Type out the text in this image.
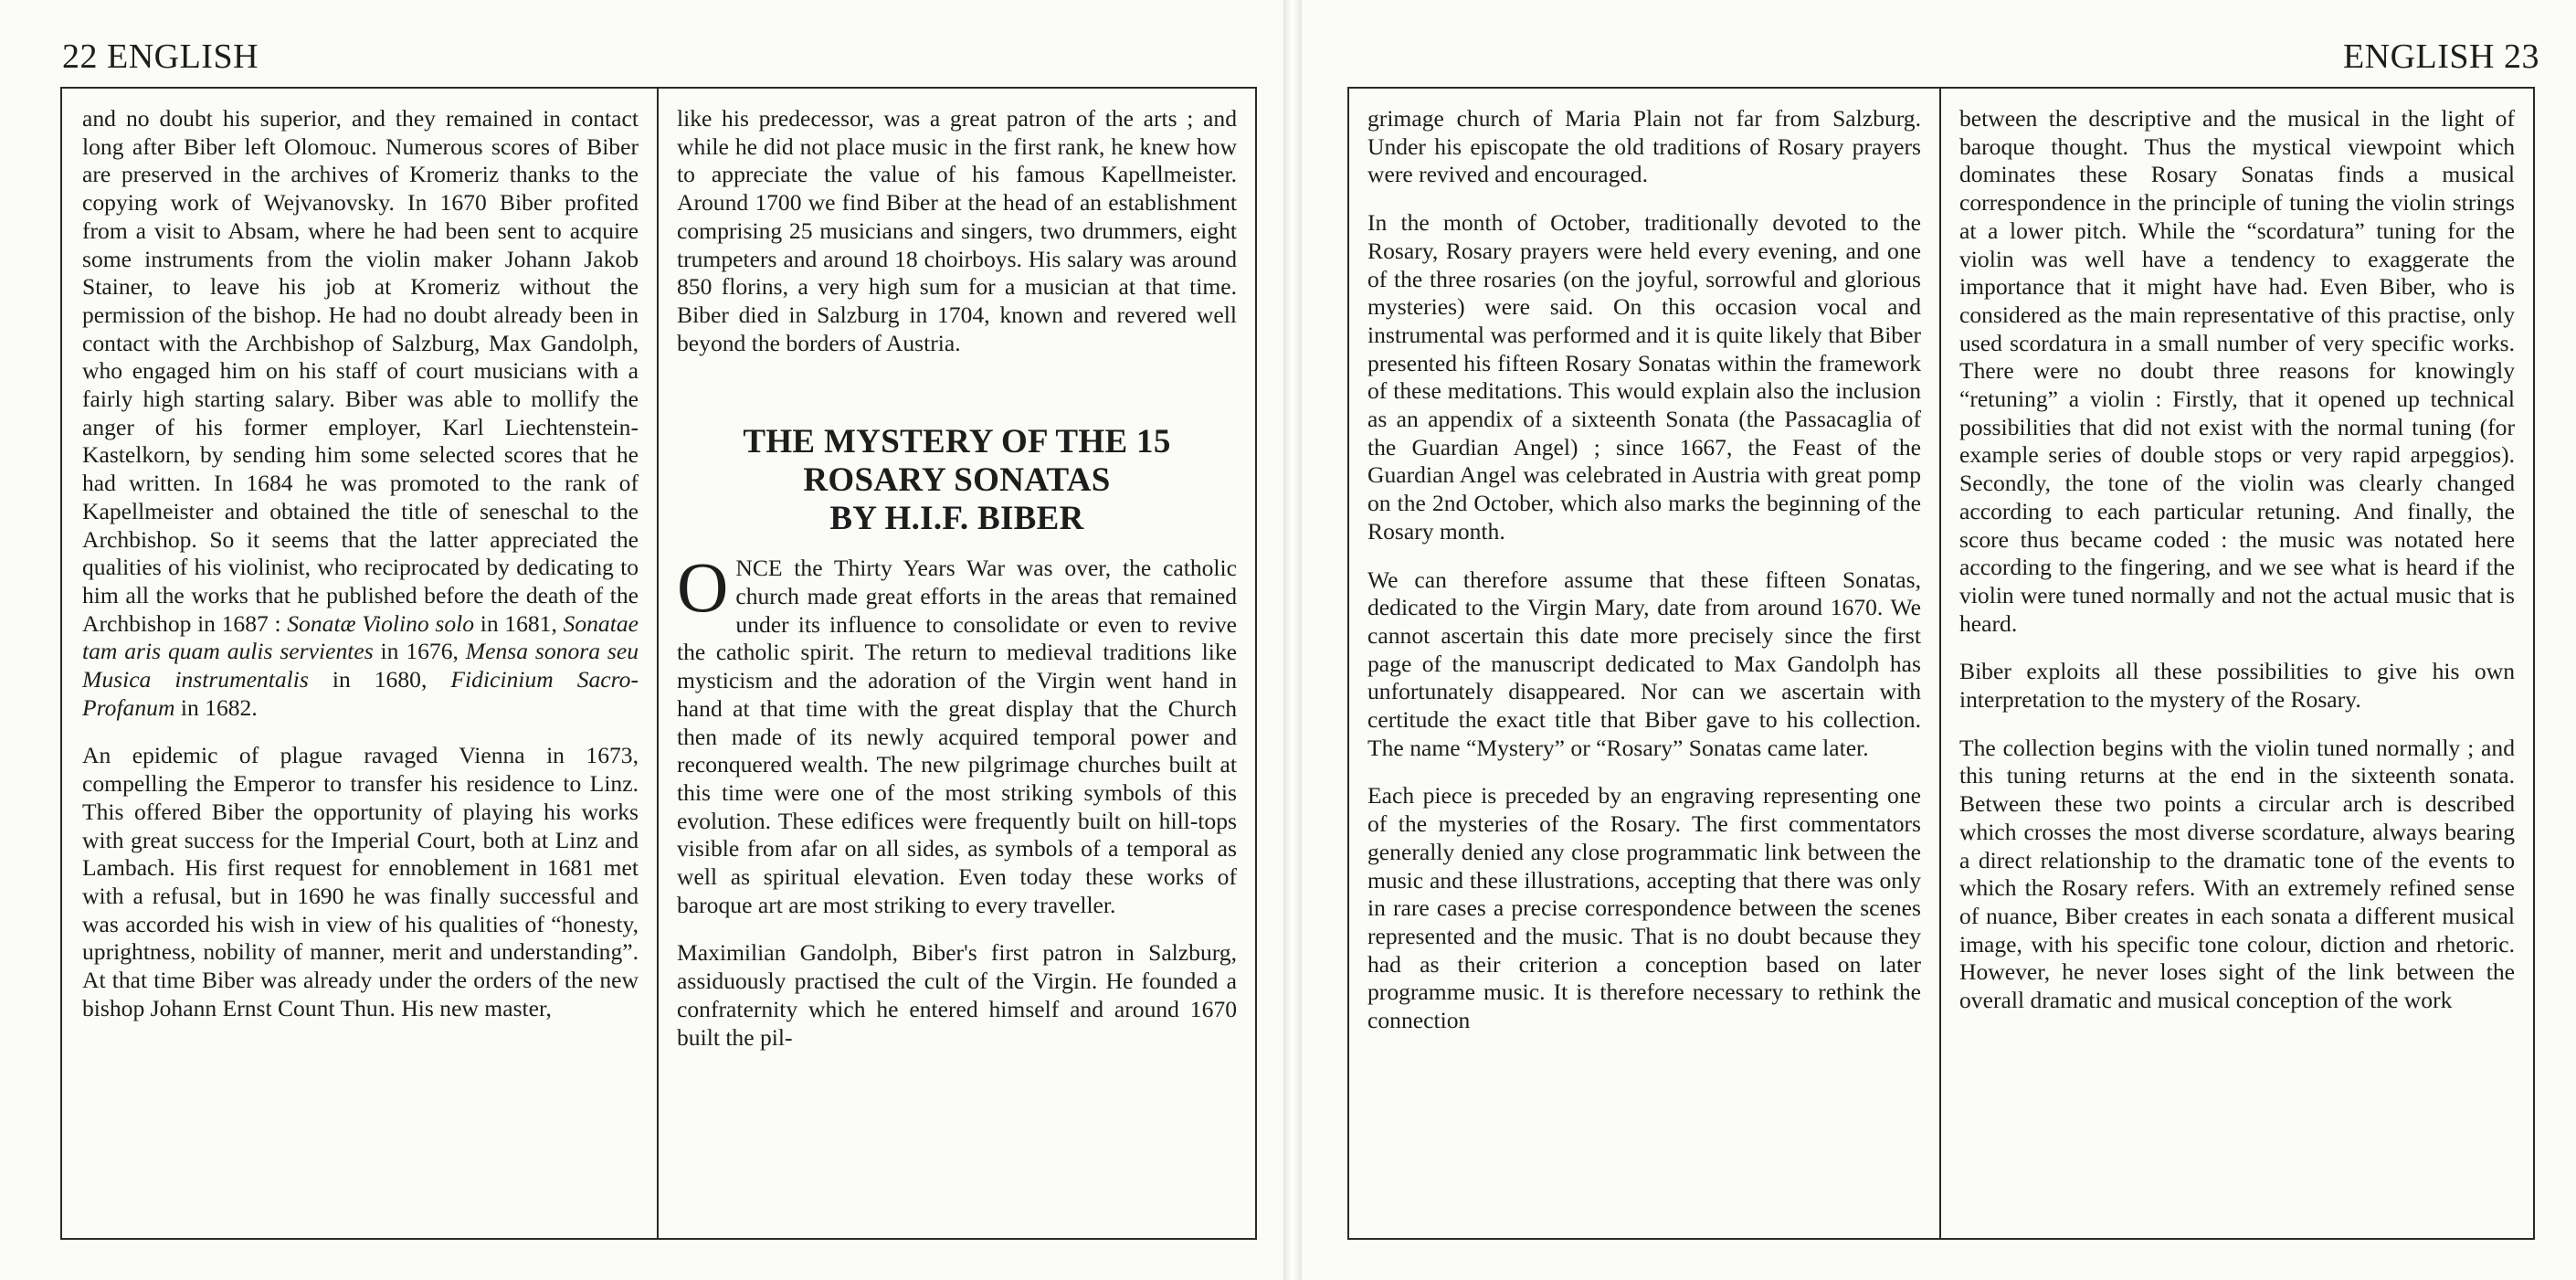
22 ENGLISH

and no doubt his superior, and they remained in contact long after Biber left Olomouc. Numerous scores of Biber are preserved in the archives of Kromeriz thanks to the copying work of Wejvanovsky. In 1670 Biber profited from a visit to Absam, where he had been sent to acquire some instruments from the violin maker Johann Jakob Stainer, to leave his job at Kromeriz without the permission of the bishop. He had no doubt already been in contact with the Archbishop of Salzburg, Max Gandolph, who engaged him on his staff of court musicians with a fairly high starting salary. Biber was able to mollify the anger of his former employer, Karl Liechtenstein-Kastelkorn, by sending him some selected scores that he had written. In 1684 he was promoted to the rank of Kapellmeister and obtained the title of seneschal to the Archbishop. So it seems that the latter appreciated the qualities of his violinist, who reciprocated by dedicating to him all the works that he published before the death of the Archbishop in 1687 : Sonatæ Violino solo in 1681, Sonatae tam aris quam aulis servientes in 1676, Mensa sonora seu Musica instrumentalis in 1680, Fidicinium Sacro-Profanum in 1682.

An epidemic of plague ravaged Vienna in 1673, compelling the Emperor to transfer his residence to Linz. This offered Biber the opportunity of playing his works with great success for the Imperial Court, both at Linz and Lambach. His first request for ennoblement in 1681 met with a refusal, but in 1690 he was finally successful and was accorded his wish in view of his qualities of “honesty, uprightness, nobility of manner, merit and understanding”. At that time Biber was already under the orders of the new bishop Johann Ernst Count Thun. His new master,

like his predecessor, was a great patron of the arts ; and while he did not place music in the first rank, he knew how to appreciate the value of his famous Kapellmeister. Around 1700 we find Biber at the head of an establishment comprising 25 musicians and singers, two drummers, eight trumpeters and around 18 choirboys. His salary was around 850 florins, a very high sum for a musician at that time. Biber died in Salzburg in 1704, known and revered well beyond the borders of Austria.

THE MYSTERY OF THE 15
ROSARY SONATAS
BY H.I.F. BIBER

ONCE the Thirty Years War was over, the catholic church made great efforts in the areas that remained under its influence to consolidate or even to revive the catholic spirit. The return to medieval traditions like mysticism and the adoration of the Virgin went hand in hand at that time with the great display that the Church then made of its newly acquired temporal power and reconquered wealth. The new pilgrimage churches built at this time were one of the most striking symbols of this evolution. These edifices were frequently built on hill-tops visible from afar on all sides, as symbols of a temporal as well as spiritual elevation. Even today these works of baroque art are most striking to every traveller.

Maximilian Gandolph, Biber's first patron in Salzburg, assiduously practised the cult of the Virgin. He founded a confraternity which he entered himself and around 1670 built the pil-

ENGLISH 23

grimage church of Maria Plain not far from Salzburg. Under his episcopate the old traditions of Rosary prayers were revived and encouraged.

In the month of October, traditionally devoted to the Rosary, Rosary prayers were held every evening, and one of the three rosaries (on the joyful, sorrowful and glorious mysteries) were said. On this occasion vocal and instrumental was performed and it is quite likely that Biber presented his fifteen Rosary Sonatas within the framework of these meditations. This would explain also the inclusion as an appendix of a sixteenth Sonata (the Passacaglia of the Guardian Angel) ; since 1667, the Feast of the Guardian Angel was celebrated in Austria with great pomp on the 2nd October, which also marks the beginning of the Rosary month.

We can therefore assume that these fifteen Sonatas, dedicated to the Virgin Mary, date from around 1670. We cannot ascertain this date more precisely since the first page of the manuscript dedicated to Max Gandolph has unfortunately disappeared. Nor can we ascertain with certitude the exact title that Biber gave to his collection. The name “Mystery” or “Rosary” Sonatas came later.

Each piece is preceded by an engraving representing one of the mysteries of the Rosary. The first commentators generally denied any close programmatic link between the music and these illustrations, accepting that there was only in rare cases a precise correspondence between the scenes represented and the music. That is no doubt because they had as their criterion a conception based on later programme music. It is therefore necessary to rethink the connection

between the descriptive and the musical in the light of baroque thought. Thus the mystical viewpoint which dominates these Rosary Sonatas finds a musical correspondence in the principle of tuning the violin strings at a lower pitch. While the “scordatura” tuning for the violin was well have a tendency to exaggerate the importance that it might have had. Even Biber, who is considered as the main representative of this practise, only used scordatura in a small number of very specific works. There were no doubt three reasons for knowingly “retuning” a violin : Firstly, that it opened up technical possibilities that did not exist with the normal tuning (for example series of double stops or very rapid arpeggios). Secondly, the tone of the violin was clearly changed according to each particular retuning. And finally, the score thus became coded : the music was notated here according to the fingering, and we see what is heard if the violin were tuned normally and not the actual music that is heard.

Biber exploits all these possibilities to give his own interpretation to the mystery of the Rosary.

The collection begins with the violin tuned normally ; and this tuning returns at the end in the sixteenth sonata. Between these two points a circular arch is described which crosses the most diverse scordature, always bearing a direct relationship to the dramatic tone of the events to which the Rosary refers. With an extremely refined sense of nuance, Biber creates in each sonata a different musical image, with his specific tone colour, diction and rhetoric. However, he never loses sight of the link between the overall dramatic and musical conception of the work
